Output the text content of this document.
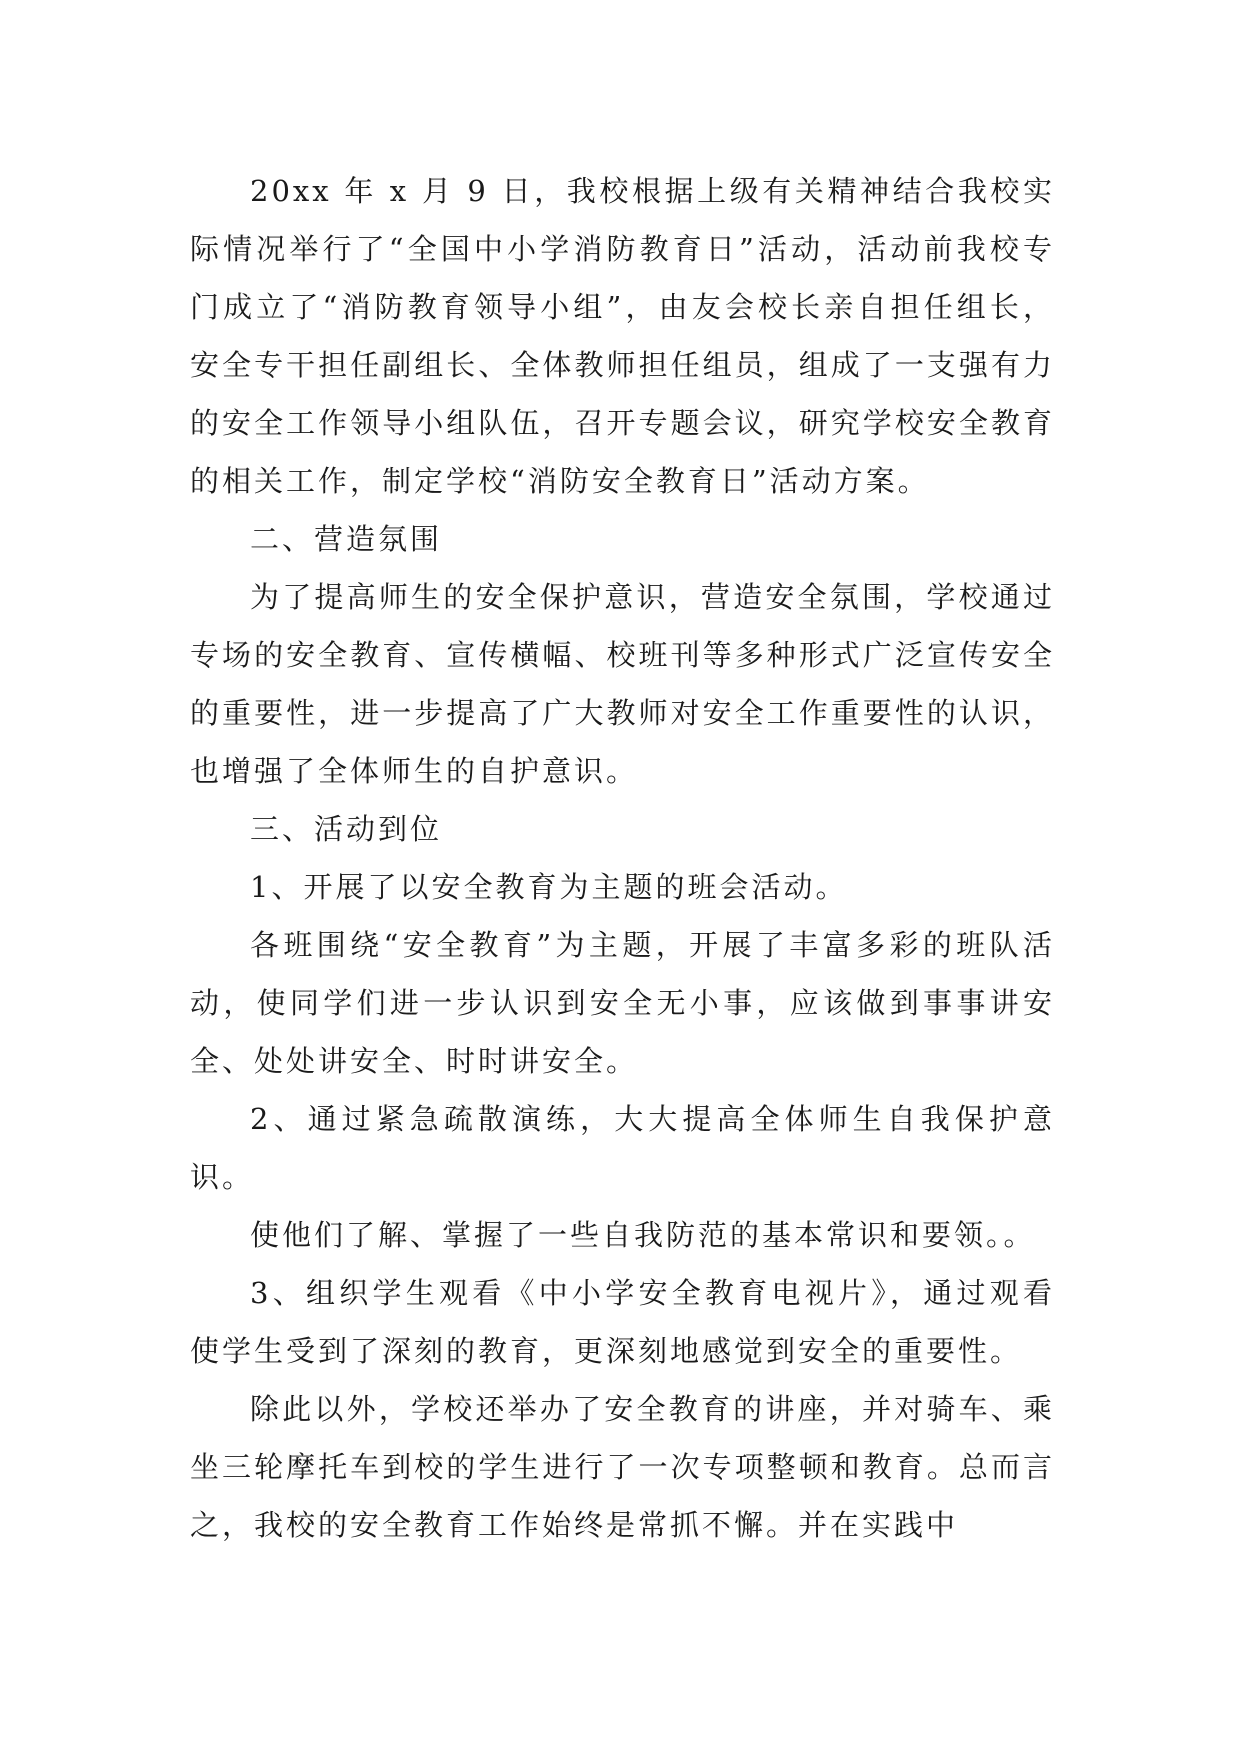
20xx 年 x 月 9 日，我校根据上级有关精神结合我校实际情况举行了“全国中小学消防教育日”活动，活动前我校专门成立了“消防教育领导小组”，由友会校长亲自担任组长，安全专干担任副组长、全体教师担任组员，组成了一支强有力的安全工作领导小组队伍，召开专题会议，研究学校安全教育的相关工作，制定学校“消防安全教育日”活动方案。

二、营造氛围

为了提高师生的安全保护意识，营造安全氛围，学校通过专场的安全教育、宣传横幅、校班刊等多种形式广泛宣传安全的重要性，进一步提高了广大教师对安全工作重要性的认识，也增强了全体师生的自护意识。

三、活动到位

1、开展了以安全教育为主题的班会活动。

各班围绕“安全教育”为主题，开展了丰富多彩的班队活动，使同学们进一步认识到安全无小事，应该做到事事讲安全、处处讲安全、时时讲安全。

2、通过紧急疏散演练，大大提高全体师生自我保护意识。

使他们了解、掌握了一些自我防范的基本常识和要领。。

3、组织学生观看《中小学安全教育电视片》，通过观看使学生受到了深刻的教育，更深刻地感觉到安全的重要性。

除此以外，学校还举办了安全教育的讲座，并对骑车、乘坐三轮摩托车到校的学生进行了一次专项整顿和教育。总而言之，我校的安全教育工作始终是常抓不懈。并在实践中
